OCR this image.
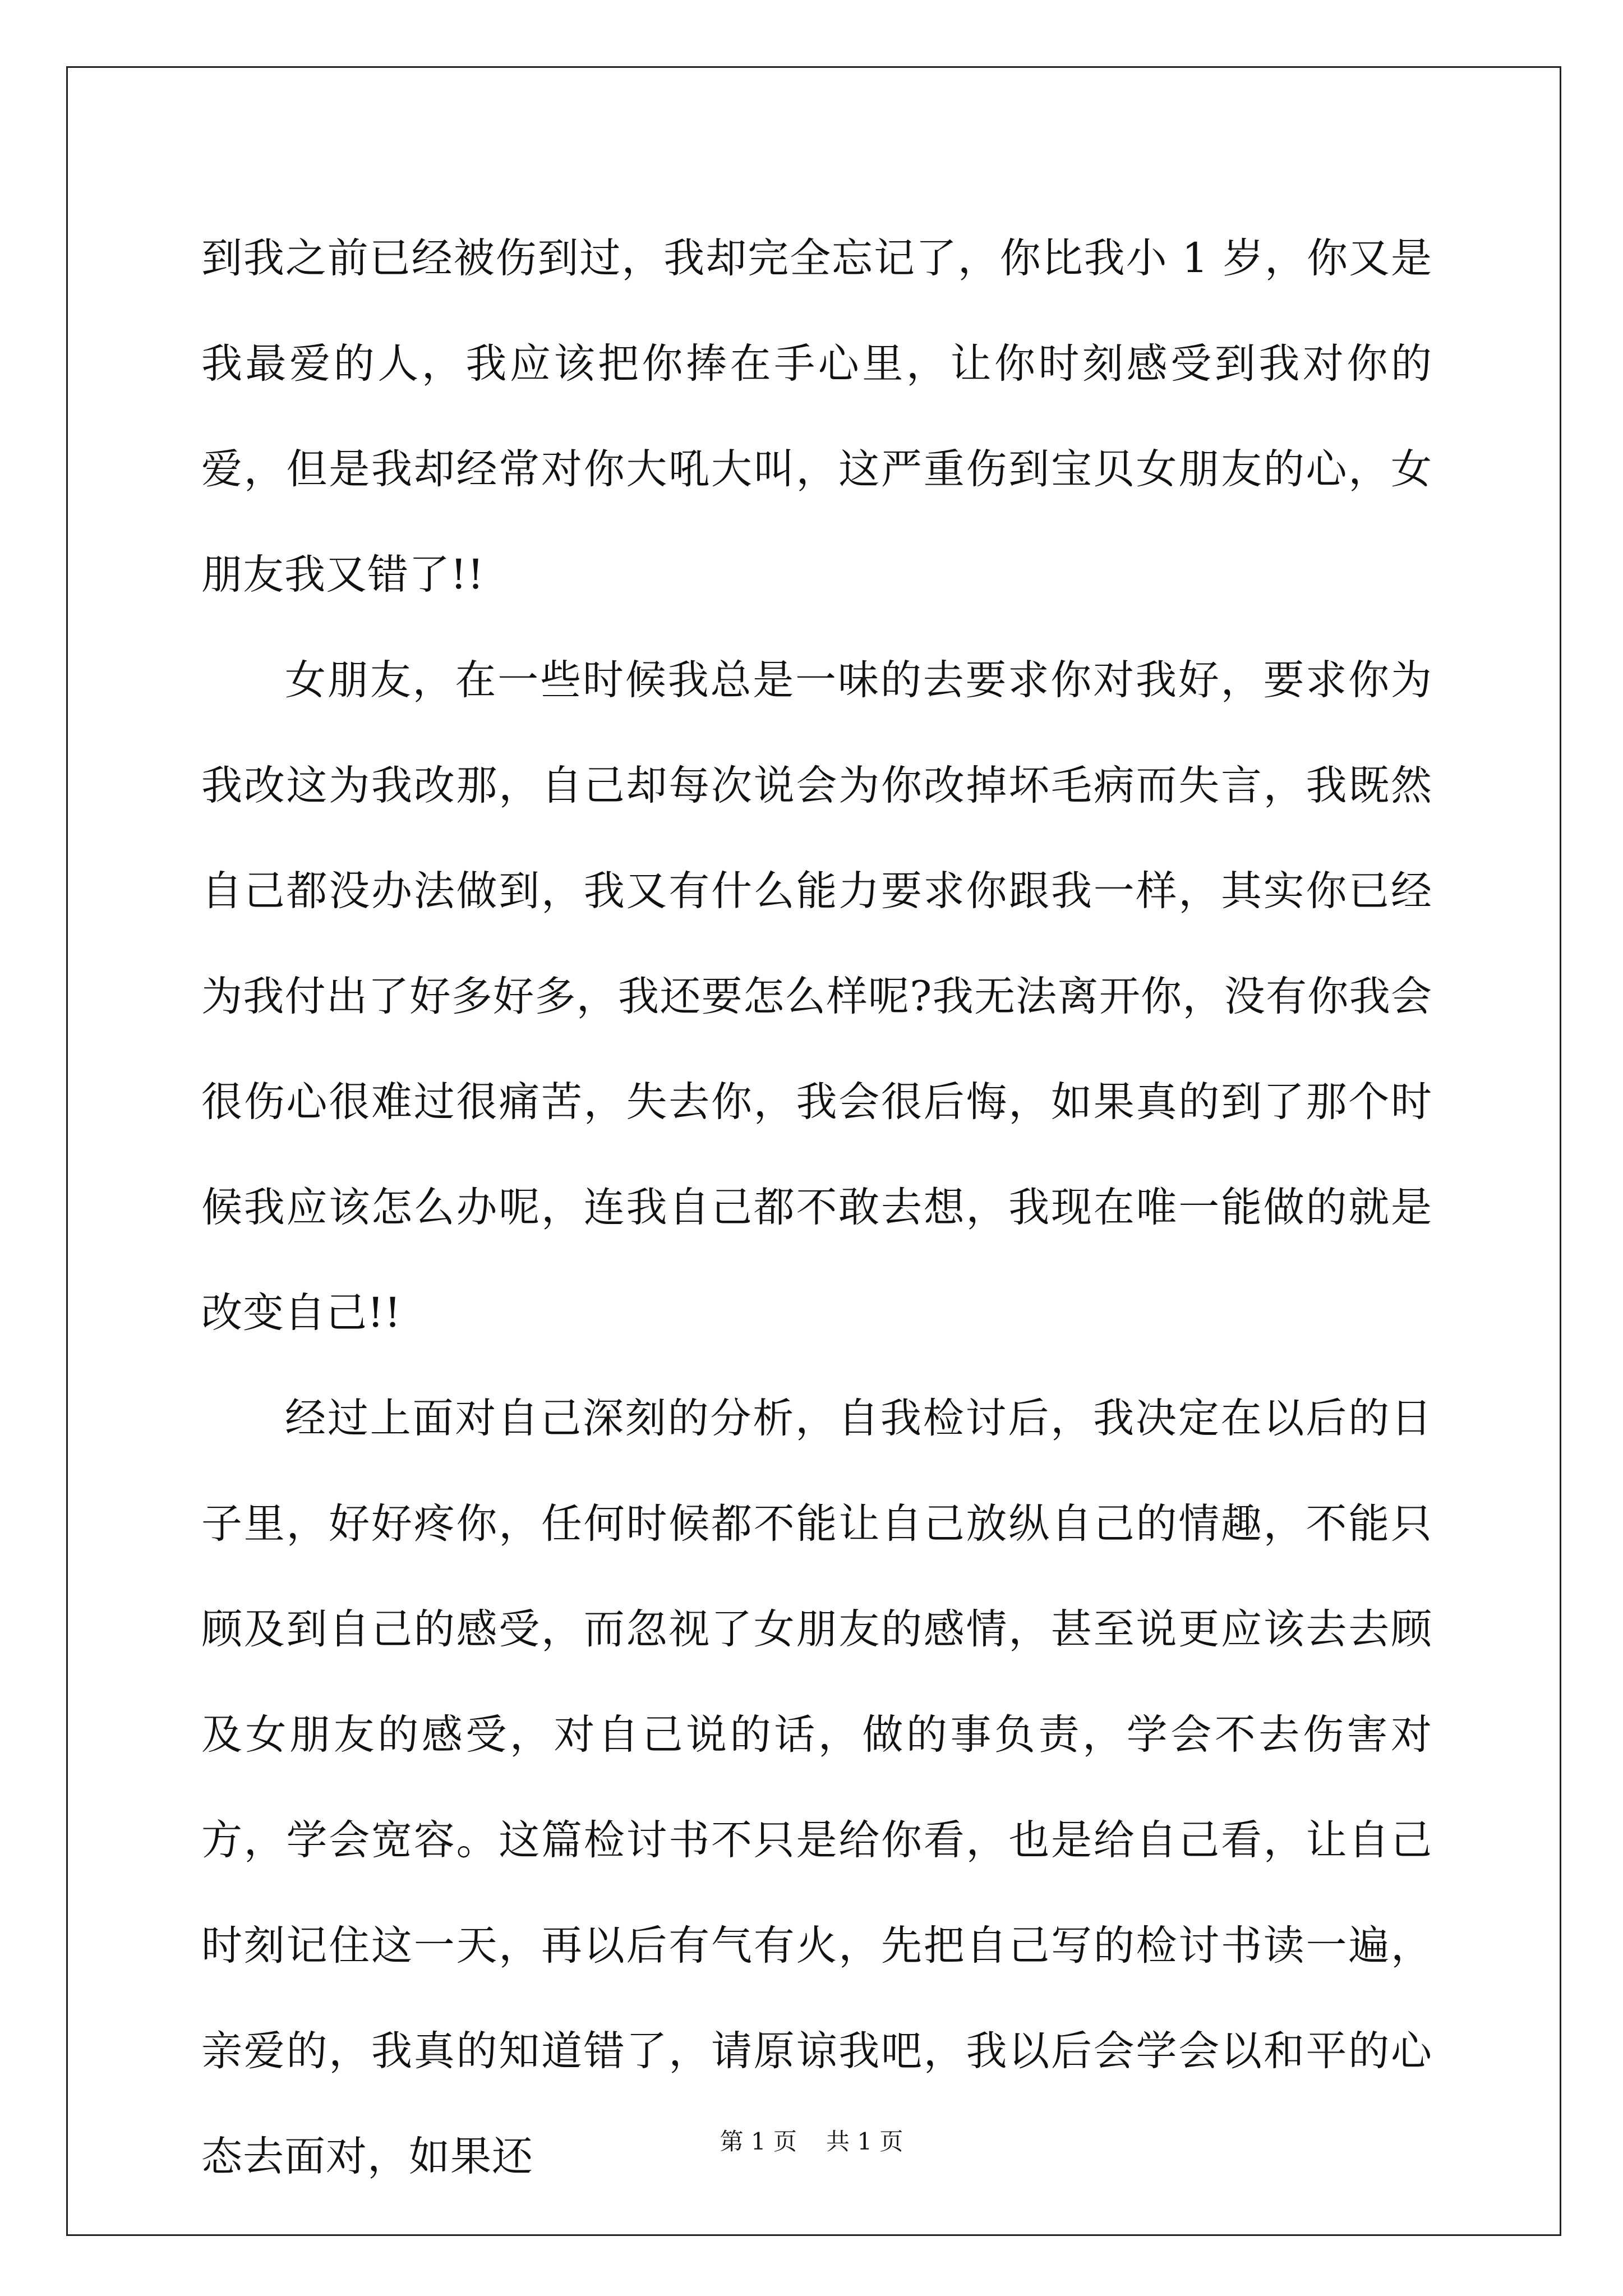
到我之前已经被伤到过，我却完全忘记了，你比我小 1 岁，你又是我最爱的人，我应该把你捧在手心里，让你时刻感受到我对你的爱，但是我却经常对你大吼大叫，这严重伤到宝贝女朋友的心，女朋友我又错了!!

女朋友，在一些时候我总是一味的去要求你对我好，要求你为我改这为我改那，自己却每次说会为你改掉坏毛病而失言，我既然自己都没办法做到，我又有什么能力要求你跟我一样，其实你已经为我付出了好多好多，我还要怎么样呢?我无法离开你，没有你我会很伤心很难过很痛苦，失去你，我会很后悔，如果真的到了那个时候我应该怎么办呢，连我自己都不敢去想，我现在唯一能做的就是改变自己!!

经过上面对自己深刻的分析，自我检讨后，我决定在以后的日子里，好好疼你，任何时候都不能让自己放纵自己的情趣，不能只顾及到自己的感受，而忽视了女朋友的感情，甚至说更应该去去顾及女朋友的感受，对自己说的话，做的事负责，学会不去伤害对方，学会宽容。这篇检讨书不只是给你看，也是给自己看，让自己时刻记住这一天，再以后有气有火，先把自己写的检讨书读一遍，亲爱的，我真的知道错了，请原谅我吧，我以后会学会以和平的心态去面对，如果还	第 1 页 共 1 页
